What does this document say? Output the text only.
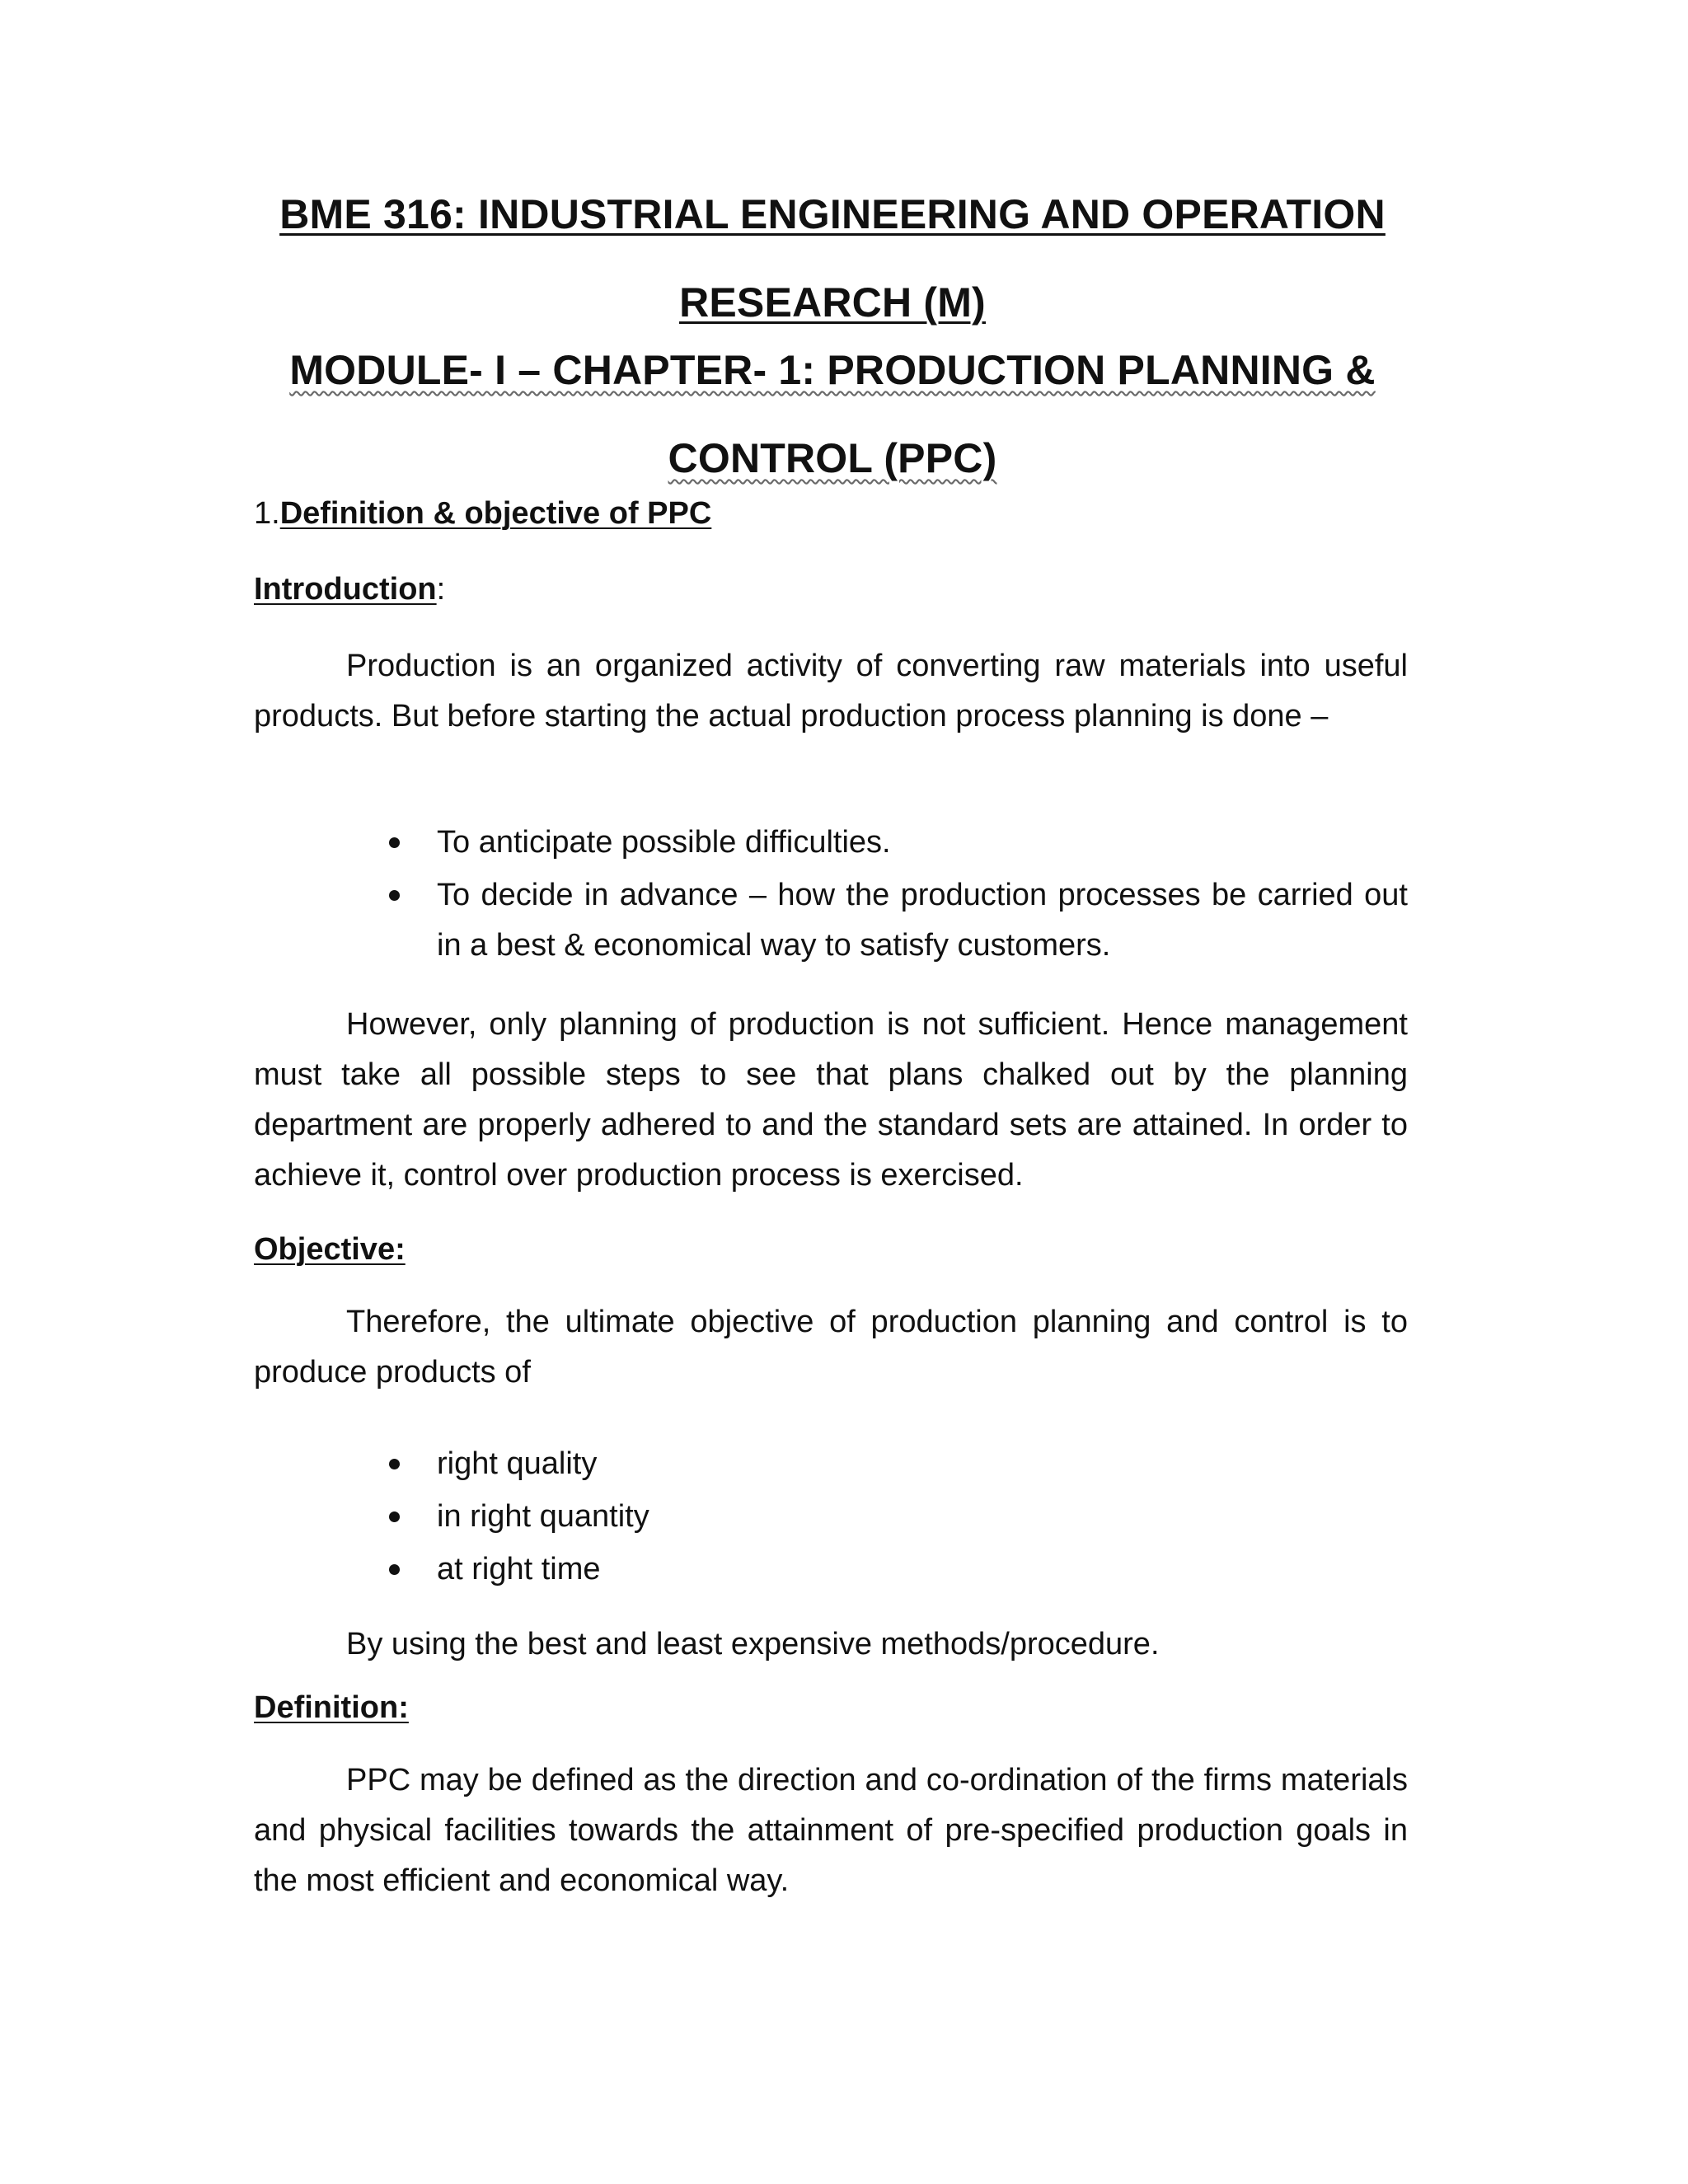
BME 316: INDUSTRIAL ENGINEERING AND OPERATION
RESEARCH (M)
MODULE- I – CHAPTER- 1: PRODUCTION PLANNING &
CONTROL (PPC)
1.Definition & objective of PPC
Introduction:
Production is an organized activity of converting raw materials into useful products. But before starting the actual production process planning is done –
To anticipate possible difficulties.
To decide in advance – how the production processes be carried out in a best & economical way to satisfy customers.
However, only planning of production is not sufficient. Hence management must take all possible steps to see that plans chalked out by the planning department are properly adhered to and the standard sets are attained. In order to achieve it, control over production process is exercised.
Objective:
Therefore, the ultimate objective of production planning and control is to produce products of
right quality
in right quantity
at right time
By using the best and least expensive methods/procedure.
Definition:
PPC may be defined as the direction and co-ordination of the firms materials and physical facilities towards the attainment of pre-specified production goals in the most efficient and economical way.
